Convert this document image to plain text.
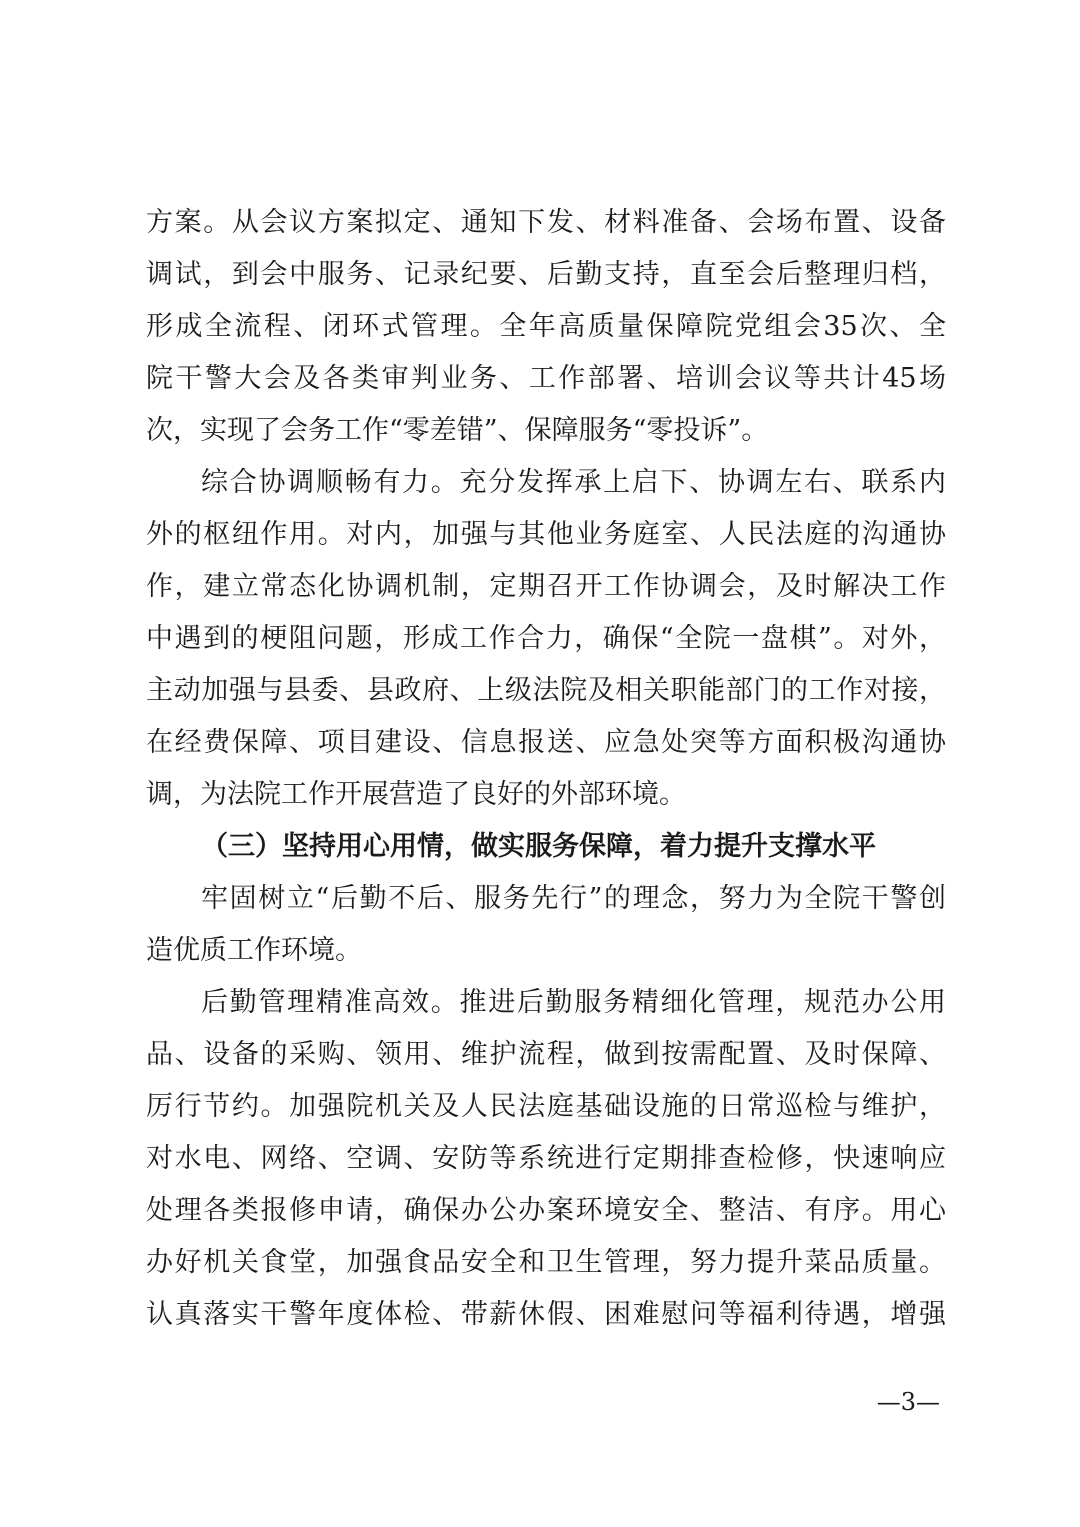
方案。从会议方案拟定、通知下发、材料准备、会场布置、设备
调试，到会中服务、记录纪要、后勤支持，直至会后整理归档，
形成全流程、闭环式管理。全年高质量保障院党组会35次、全
院干警大会及各类审判业务、工作部署、培训会议等共计45场
次，实现了会务工作“零差错”、保障服务“零投诉”。
综合协调顺畅有力。充分发挥承上启下、协调左右、联系内
外的枢纽作用。对内，加强与其他业务庭室、人民法庭的沟通协
作，建立常态化协调机制，定期召开工作协调会，及时解决工作
中遇到的梗阻问题，形成工作合力，确保“全院一盘棋”。对外，
主动加强与县委、县政府、上级法院及相关职能部门的工作对接，
在经费保障、项目建设、信息报送、应急处突等方面积极沟通协
调，为法院工作开展营造了良好的外部环境。
（三）坚持用心用情，做实服务保障，着力提升支撑水平
牢固树立“后勤不后、服务先行”的理念，努力为全院干警创
造优质工作环境。
后勤管理精准高效。推进后勤服务精细化管理，规范办公用
品、设备的采购、领用、维护流程，做到按需配置、及时保障、
厉行节约。加强院机关及人民法庭基础设施的日常巡检与维护，
对水电、网络、空调、安防等系统进行定期排查检修，快速响应
处理各类报修申请，确保办公办案环境安全、整洁、有序。用心
办好机关食堂，加强食品安全和卫生管理，努力提升菜品质量。
认真落实干警年度体检、带薪休假、困难慰问等福利待遇，增强
—3—
